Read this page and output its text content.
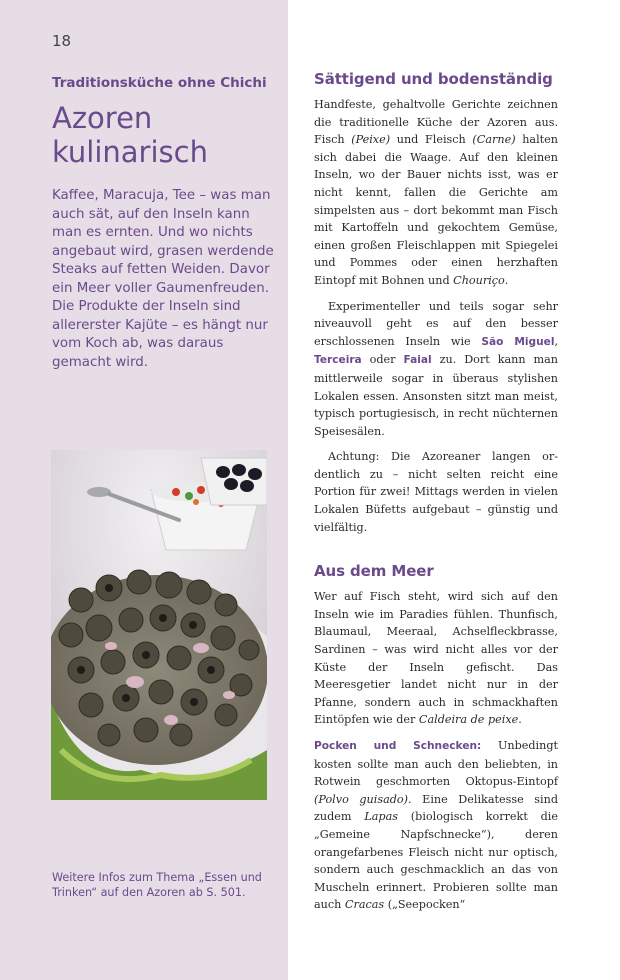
18
Traditionsküche ohne Chichi
Azoren
kulinarisch

Kaffee, Maracuja, Tee – was man auch sät, auf den Inseln kann man es ernten. Und wo nichts angebaut wird, grasen werdende Steaks auf fetten Weiden. Davor ein Meer voller Gaumenfreuden. Die Produkte der Inseln sind allererster Kajüte – es hängt nur vom Koch ab, was daraus gemacht wird.

Weitere Infos zum Thema „Essen und Trinken“ auf den Azoren ab S. 501.

Sättigend und bodenständig

Handfeste, gehaltvolle Gerichte zeichnen die traditionelle Küche der Azoren aus. Fisch (Peixe) und Fleisch (Carne) halten sich dabei die Waage. Auf den kleinen Inseln, wo der Bauer nichts isst, was er nicht kennt, fallen die Gerichte am simpelsten aus – dort bekommt man Fisch mit Kartoffeln und gekochtem Gemüse, einen großen Fleischlappen mit Spiegelei und Pommes oder einen herzhaften Eintopf mit Bohnen und Chouriço.

Experimenteller und teils sogar sehr niveauvoll geht es auf den besser erschlossenen Inseln wie São Miguel, Terceira oder Faial zu. Dort kann man mittlerweile sogar in überaus stylishen Lokalen essen. Ansonsten sitzt man meist, typisch portugiesisch, in recht nüchternen Speisesälen.

Achtung: Die Azoreaner langen ordentlich zu – nicht selten reicht eine Portion für zwei! Mittags werden in vielen Lokalen Büfetts aufgebaut – günstig und vielfältig.

Aus dem Meer

Wer auf Fisch steht, wird sich auf den Inseln wie im Paradies fühlen. Thunfisch, Blaumaul, Meeraal, Achselfleckbrasse, Sardinen – was wird nicht alles vor der Küste der Inseln gefischt. Das Meeresgetier landet nicht nur in der Pfanne, sondern auch in schmackhaften Eintöpfen wie der Caldeira de peixe.

Pocken und Schnecken: Unbedingt kosten sollte man auch den beliebten, in Rotwein geschmorten Oktopus-Eintopf (Polvo guisado). Eine Delikatesse sind zudem Lapas (biologisch korrekt die „Gemeine Napfschnecke“), deren orangefarbenes Fleisch nicht nur optisch, sondern auch geschmacklich an das von Muscheln erinnert. Probieren sollte man auch Cracas („Seepocken“
